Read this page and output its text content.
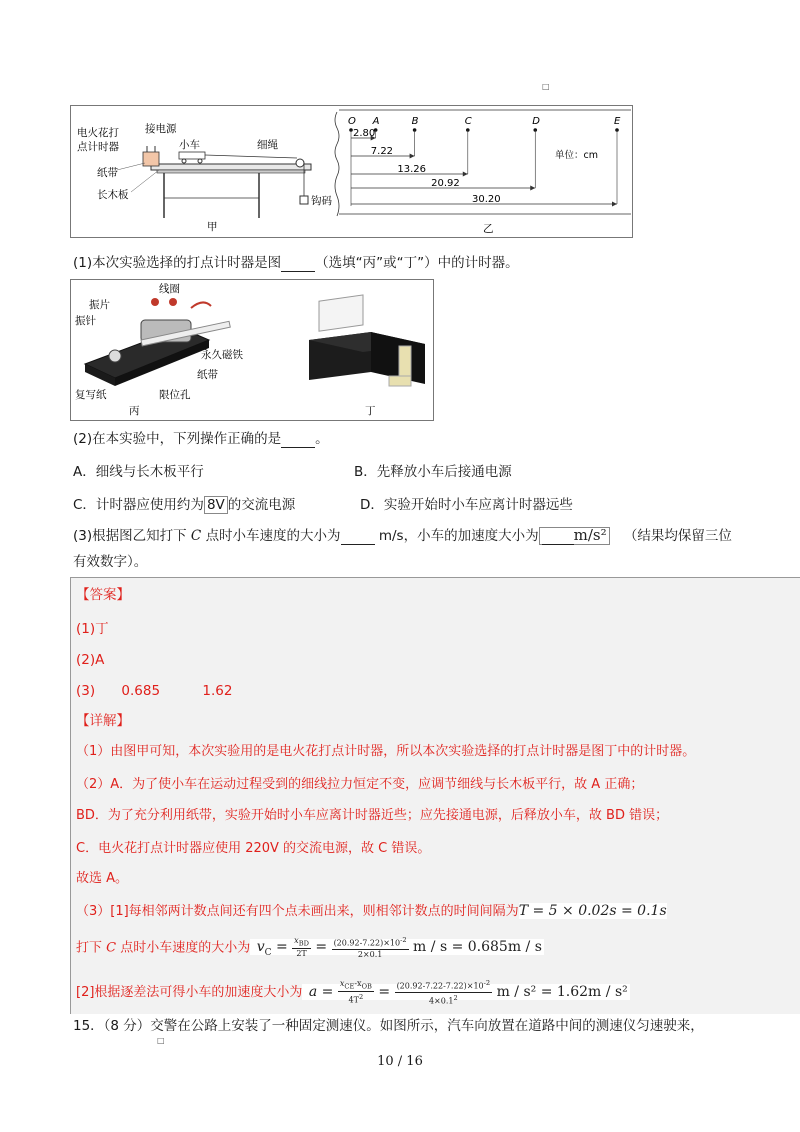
□
电火花打
点计时器
接电源
小车	细绳
纸带
长木板	钩码
甲
O A	B	C	D	E
2.80
7.22
13.26
20.92
30.20
单位：cm
乙
(1)本次实验选择的打点计时器是图	（选填“丙”或“丁”）中的计时器。
线圈
振片
振针
永久磁铁
纸带
复写纸	限位孔
丙	丁
(2)在本实验中，下列操作正确的是	。
A．细线与长木板平行	B．先释放小车后接通电源
C．计时器应使用约为 8V 的交流电源	D．实验开始时小车应离计时器远些
(3)根据图乙知打下 C 点时小车速度的大小为	m/s，小车的加速度大小为 m/s² （结果均保留三位
有效数字）。
【答案】
(1)丁
(2)A
(3) 0.685	1.62
【详解】
（1）由图甲可知，本次实验用的是电火花打点计时器，所以本次实验选择的打点计时器是图丁中的计时器。
（2）A．为了使小车在运动过程受到的细线拉力恒定不变，应调节细线与长木板平行，故 A 正确；
BD．为了充分利用纸带，实验开始时小车应离计时器近些；应先接通电源，后释放小车，故 BD 错误；
C．电火花打点计时器应使用 220V 的交流电源，故 C 错误。
故选 A。
（3）[1]每相邻两计数点间还有四个点未画出来，则相邻计数点的时间间隔为T = 5 × 0.02s = 0.1s
打下 C 点时小车速度的大小为 $v_C = \frac{x_{BD}}{2T} = \frac{(20.92-7.22)\times 10^{-2}}{2\times 0.1}$ m / s = 0.685m / s
[2]根据逐差法可得小车的加速度大小为 $a = \frac{x_{CE}-x_{OB}}{4T^2} = \frac{(20.92-7.22-7.22)\times 10^{-2}}{4\times 0.1^2}$ m / s² = 1.62m / s²
15．（8 分）交警在公路上安装了一种固定测速仪。如图所示，汽车向放置在道路中间的测速仪匀速驶来，
□
10 / 16
